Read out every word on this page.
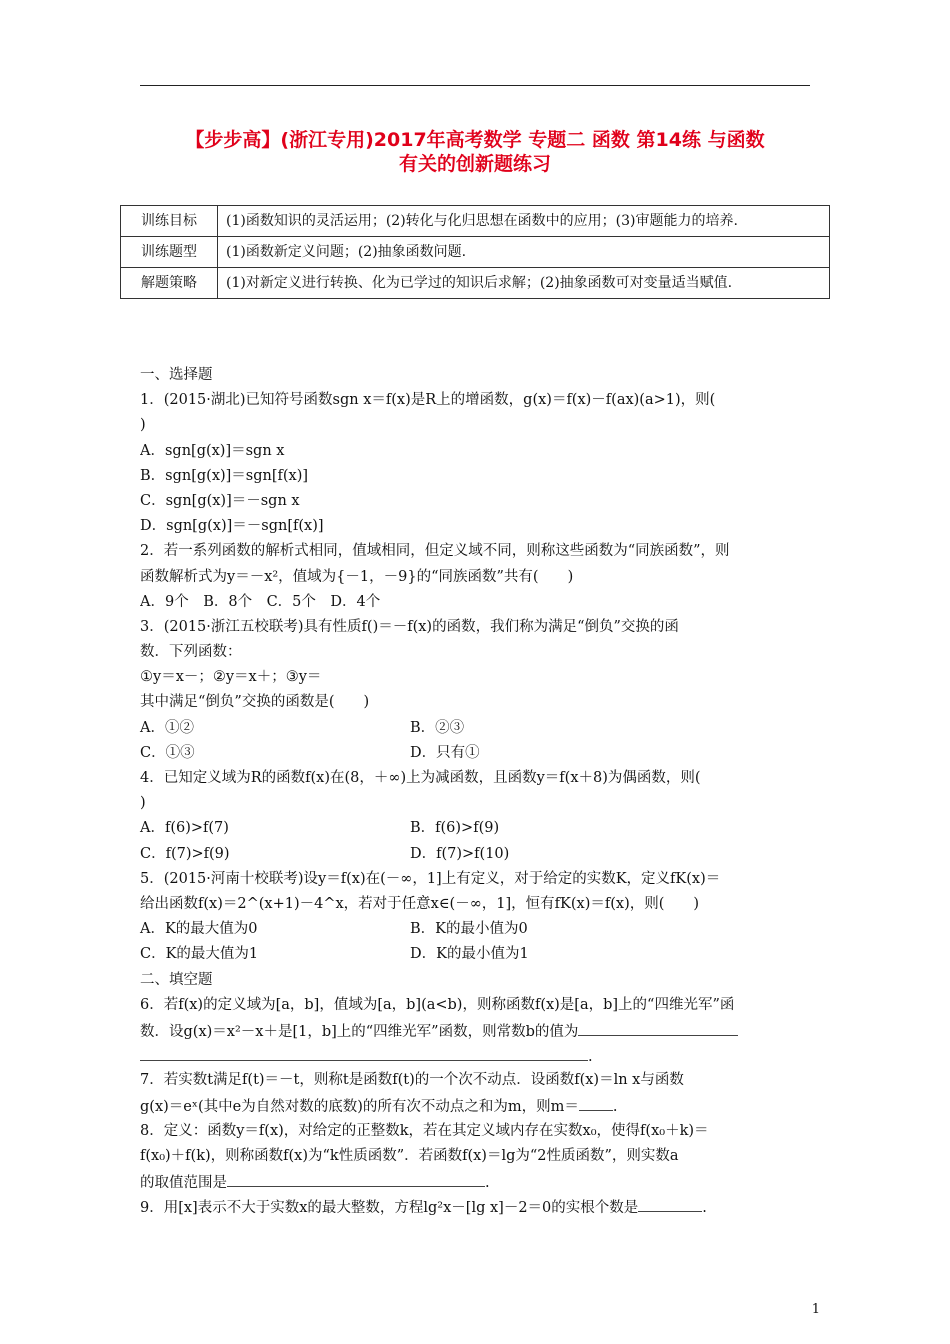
【步步高】(浙江专用)2017年高考数学 专题二 函数 第14练 与函数
有关的创新题练习
训练目标	(1)函数知识的灵活运用；(2)转化与化归思想在函数中的应用；(3)审题能力的培养.
训练题型	(1)函数新定义问题；(2)抽象函数问题.
解题策略	(1)对新定义进行转换、化为已学过的知识后求解；(2)抽象函数可对变量适当赋值.
一、选择题
1．(2015·湖北)已知符号函数sgn x＝f(x)是R上的增函数，g(x)＝f(x)－f(ax)(a>1)，则(
)
A．sgn[g(x)]＝sgn x
B．sgn[g(x)]＝sgn[f(x)]
C．sgn[g(x)]＝－sgn x
D．sgn[g(x)]＝－sgn[f(x)]
2．若一系列函数的解析式相同，值域相同，但定义域不同，则称这些函数为“同族函数”，则
函数解析式为y＝－x²，值域为{－1，－9}的“同族函数”共有(　　)
A．9个　B．8个　C．5个　D．4个
3．(2015·浙江五校联考)具有性质f()＝－f(x)的函数，我们称为满足“倒负”交换的函
数．下列函数：
①y＝x－；②y＝x＋；③y＝
其中满足“倒负”交换的函数是(　　)
A．①②	B．②③
C．①③	D．只有①
4．已知定义域为R的函数f(x)在(8，＋∞)上为减函数，且函数y＝f(x＋8)为偶函数，则(
)
A．f(6)>f(7)	B．f(6)>f(9)
C．f(7)>f(9)	D．f(7)>f(10)
5．(2015·河南十校联考)设y＝f(x)在(－∞，1]上有定义，对于给定的实数K，定义fK(x)＝
给出函数f(x)＝2^(x+1)－4^x，若对于任意x∈(－∞，1]，恒有fK(x)＝f(x)，则(　　)
A．K的最大值为0	B．K的最小值为0
C．K的最大值为1	D．K的最小值为1
二、填空题
6．若f(x)的定义域为[a，b]，值域为[a，b](a<b)，则称函数f(x)是[a，b]上的“四维光军”函
数．设g(x)＝x²－x＋是[1，b]上的“四维光军”函数，则常数b的值为
.
7．若实数t满足f(t)＝－t，则称t是函数f(t)的一个次不动点．设函数f(x)＝ln x与函数
g(x)＝eˣ(其中e为自然对数的底数)的所有次不动点之和为m，则m＝ .
8．定义：函数y＝f(x)，对给定的正整数k，若在其定义域内存在实数x₀，使得f(x₀＋k)＝
f(x₀)＋f(k)，则称函数f(x)为“k性质函数”．若函数f(x)＝lg为“2性质函数”，则实数a
的取值范围是	.
9．用[x]表示不大于实数x的最大整数，方程lg²x－[lg x]－2＝0的实根个数是	.
1
